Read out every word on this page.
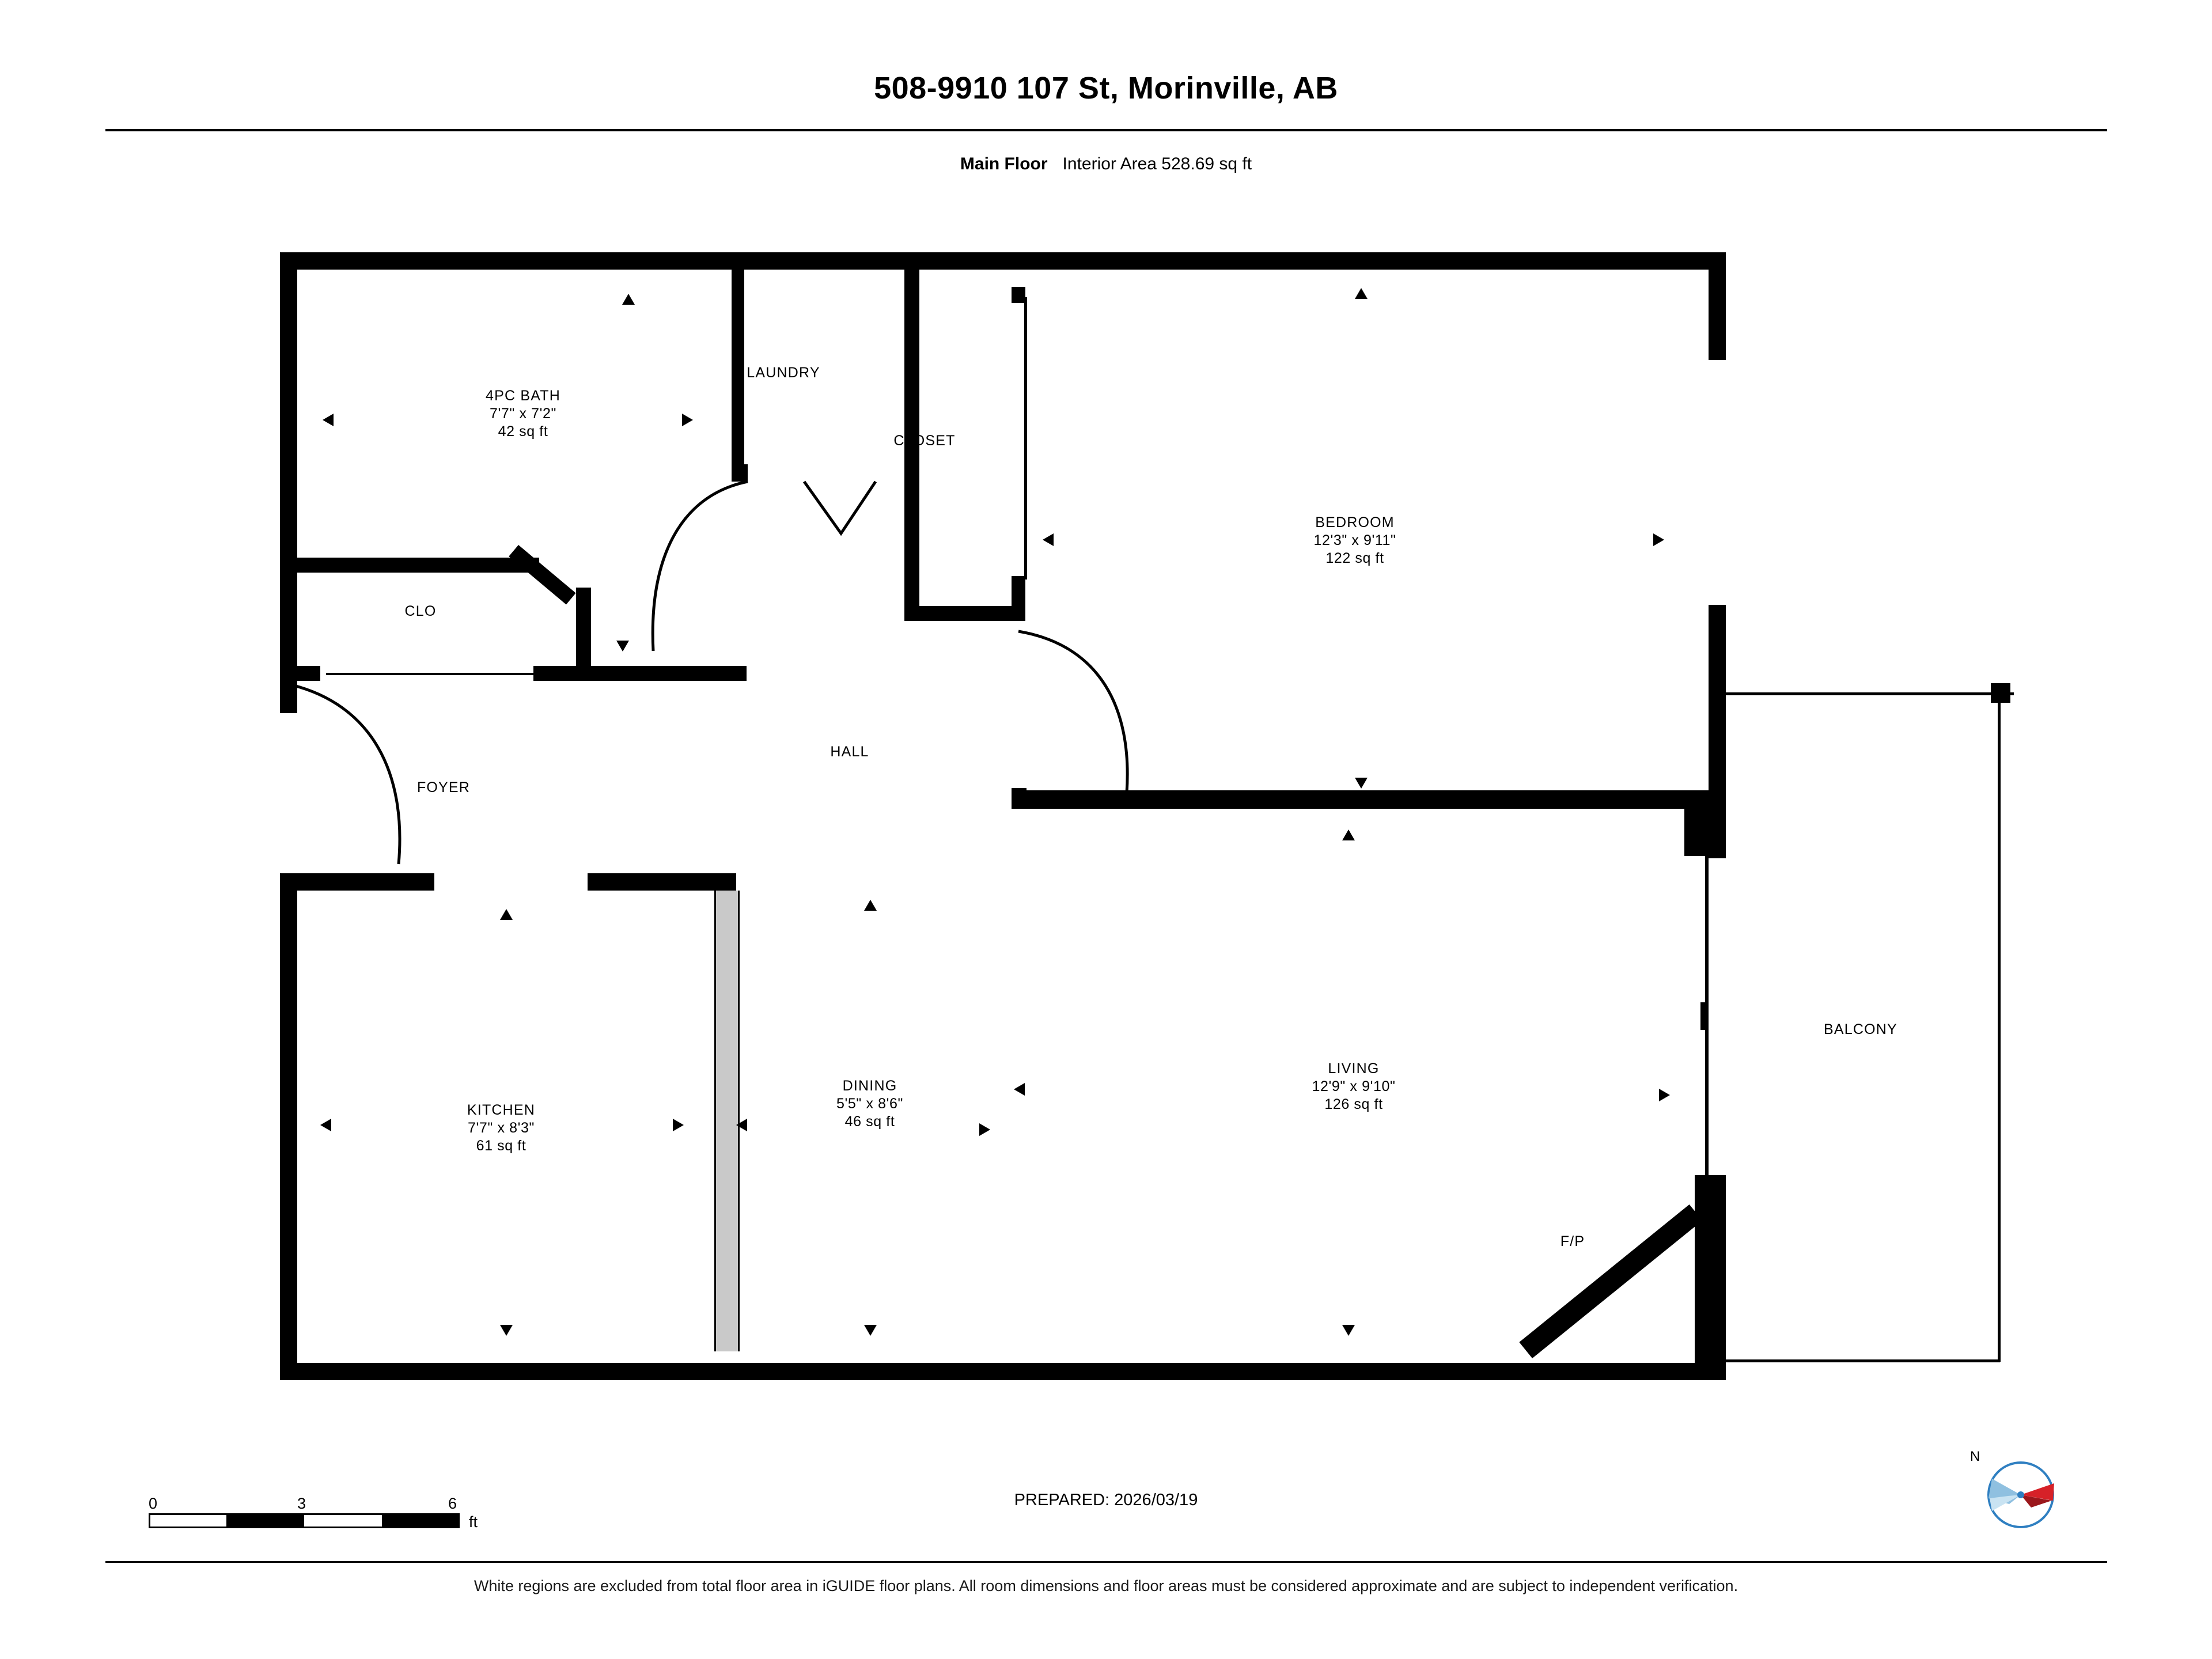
508-9910 107 St, Morinville, AB
Main Floor Interior Area 528.69 sq ft
4PC BATH
7'7" x 7'2"
42 sq ft
LAUNDRY
CLOSET
BEDROOM
12'3" x 9'11"
122 sq ft
CLO
FOYER
HALL
KITCHEN
7'7" x 8'3"
61 sq ft
DINING
5'5" x 8'6"
46 sq ft
LIVING
12'9" x 9'10"
126 sq ft
BALCONY
F/P
0	3	6
ft
PREPARED: 2026/03/19
N
White regions are excluded from total floor area in iGUIDE floor plans. All room dimensions and floor areas must be considered approximate and are subject to independent verification.
